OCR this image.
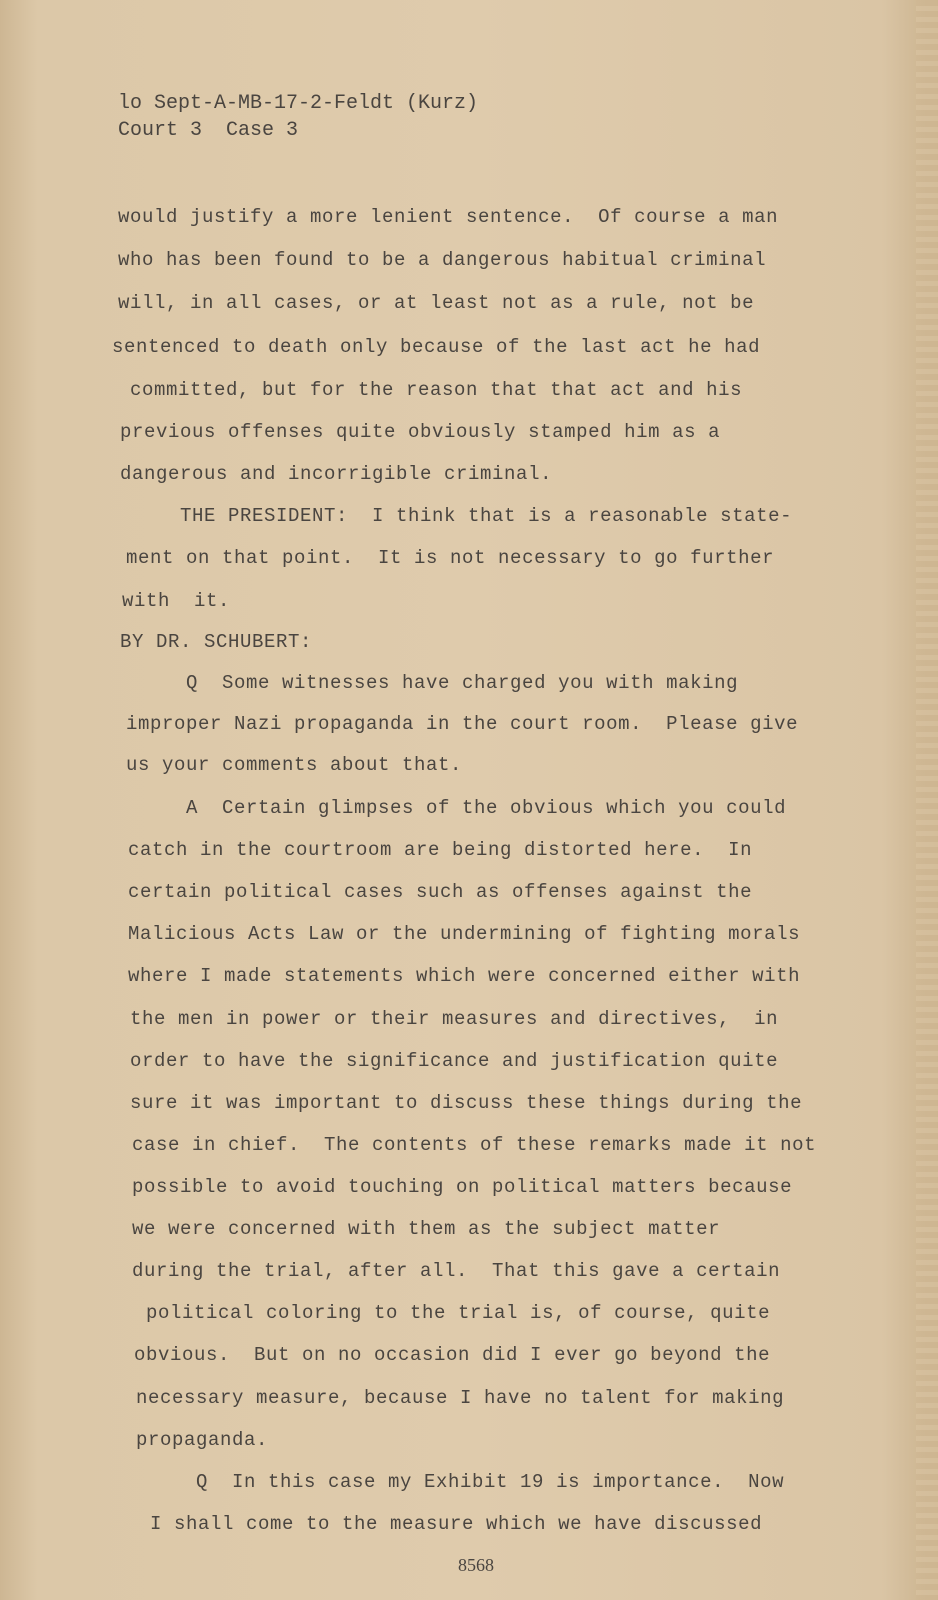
lo Sept-A-MB-17-2-Feldt (Kurz)
Court 3  Case 3
would justify a more lenient sentence.  Of course a man
who has been found to be a dangerous habitual criminal
will, in all cases, or at least not as a rule, not be
sentenced to death only because of the last act he had
committed, but for the reason that that act and his
previous offenses quite obviously stamped him as a
dangerous and incorrigible criminal.
THE PRESIDENT:  I think that is a reasonable state-
ment on that point.  It is not necessary to go further
with  it.
BY DR. SCHUBERT:
Q  Some witnesses have charged you with making
improper Nazi propaganda in the court room.  Please give
us your comments about that.
A  Certain glimpses of the obvious which you could
catch in the courtroom are being distorted here.  In
certain political cases such as offenses against the
Malicious Acts Law or the undermining of fighting morals
where I made statements which were concerned either with
the men in power or their measures and directives,  in
order to have the significance and justification quite
sure it was important to discuss these things during the
case in chief.  The contents of these remarks made it not
possible to avoid touching on political matters because
we were concerned with them as the subject matter
during the trial, after all.  That this gave a certain
political coloring to the trial is, of course, quite
obvious.  But on no occasion did I ever go beyond the
necessary measure, because I have no talent for making
propaganda.
Q  In this case my Exhibit 19 is importance.  Now
I shall come to the measure which we have discussed
8568
